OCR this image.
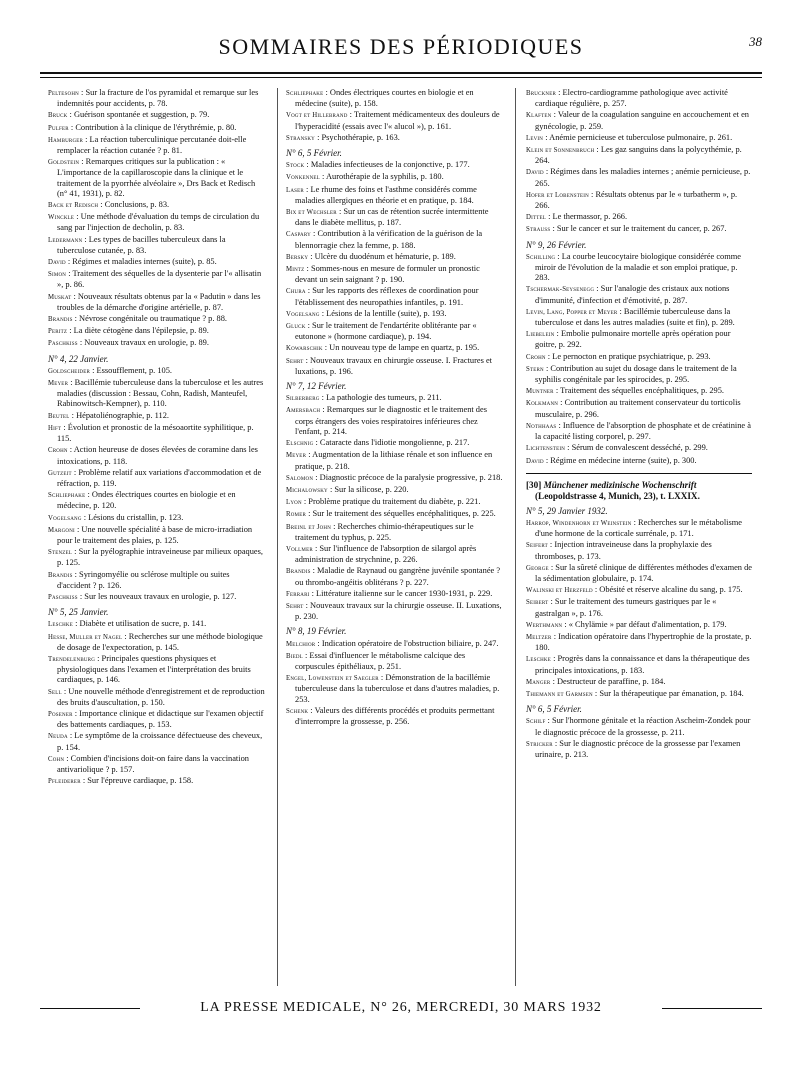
SOMMAIRES DES PÉRIODIQUES	38
Peltesohn : Sur la fracture de l'os pyramidal et remarque sur les indemnités pour accidents, p. 78.
Bruck : Guérison spontanée et suggestion, p. 79.
Pulfer : Contribution à la clinique de l'érythrémie, p. 80.
Hamburger : La réaction tuberculinique percutanée doit-elle remplacer la réaction cutanée ? p. 81.
Goldstein : Remarques critiques sur la publication : « L'importance de la capillaroscopie dans la clinique et le traitement de la pyorrhée alvéolaire », Drs Back et Redisch (n° 41, 1931), p. 82.
Back et Redisch : Conclusions, p. 83.
Winckle : Une méthode d'évaluation du temps de circulation du sang par l'injection de decholin, p. 83.
Ledermann : Les types de bacilles tuberculeux dans la tuberculose cutanée, p. 83.
David : Régimes et maladies internes (suite), p. 85.
Simon : Traitement des séquelles de la dysenterie par l'« allisatin », p. 86.
Muskat : Nouveaux résultats obtenus par la « Padutin » dans les troubles de la démarche d'origine artérielle, p. 87.
Brandis : Névrose congénitale ou traumatique ? p. 88.
Peritz : La diète cétogène dans l'épilepsie, p. 89.
Paschkiss : Nouveaux travaux en urologie, p. 89.
N° 4, 22 Janvier.
Goldscheider : Essoufflement, p. 105.
Meyer : Bacillémie tuberculeuse dans la tuberculose et les autres maladies (discussion : Bessau, Cohn, Radish, Manteufel, Rabinowitsch-Kempner), p. 110.
Beutel : Hépatoliénographie, p. 112.
Hift : Évolution et pronostic de la mésoaortite syphilitique, p. 115.
Crohn : Action heureuse de doses élevées de coramine dans les intoxications, p. 118.
Gutzeit : Problème relatif aux variations d'accommodation et de réfraction, p. 119.
Schliephake : Ondes électriques courtes en biologie et en médecine, p. 120.
Vogelsang : Lésions du cristallin, p. 123.
Margoni : Une nouvelle spécialité à base de micro-irradiation pour le traitement des plaies, p. 125.
Stenzel : Sur la pyélographie intraveineuse par milieux opaques, p. 125.
Brandis : Syringomyélie ou sclérose multiple ou suites d'accident ? p. 126.
Paschkiss : Sur les nouveaux travaux en urologie, p. 127.
N° 5, 25 Janvier.
Leschke : Diabète et utilisation de sucre, p. 141.
Hesse, Muller et Nagel : Recherches sur une méthode biologique de dosage de l'expectoration, p. 145.
Trendelenburg : Principales questions physiques et physiologiques dans l'examen et l'interprétation des bruits cardiaques, p. 146.
Sell : Une nouvelle méthode d'enregistrement et de reproduction des bruits d'auscultation, p. 150.
Posener : Importance clinique et didactique sur l'examen objectif des battements cardiaques, p. 153.
Neuda : Le symptôme de la croissance défectueuse des cheveux, p. 154.
Cohn : Combien d'incisions doit-on faire dans la vaccination antivariolique ? p. 157.
Pfleiderer : Sur l'épreuve cardiaque, p. 158.
Schliephake : Ondes électriques courtes en biologie et en médecine (suite), p. 158.
Vogt et Hillebrand : Traitement médicamenteux des douleurs de l'hyperacidité (essais avec l'« alucol »), p. 161.
Stransky : Psychothérapie, p. 163.
N° 6, 5 Février.
Stock : Maladies infectieuses de la conjonctive, p. 177.
Vonkennel : Aurothérapie de la syphilis, p. 180.
Laser : Le rhume des foins et l'asthme considérés comme maladies allergiques en théorie et en pratique, p. 184.
Bix et Wechsler : Sur un cas de rétention sucrée intermittente dans le diabète mellitus, p. 187.
Caspary : Contribution à la vérification de la guérison de la blennorragie chez la femme, p. 188.
Bersky : Ulcère du duodénum et hématurie, p. 189.
Mintz : Sommes-nous en mesure de formuler un pronostic devant un sein saignant ? p. 190.
Chura : Sur les rapports des réflexes de coordination pour l'établissement des neuropathies infantiles, p. 191.
Vogelsang : Lésions de la lentille (suite), p. 193.
Gluck : Sur le traitement de l'endartérite oblitérante par « eutonone » (hormone cardiaque), p. 194.
Kowarschik : Un nouveau type de lampe en quartz, p. 195.
Sehrt : Nouveaux travaux en chirurgie osseuse. I. Fractures et luxations, p. 196.
N° 7, 12 Février.
Silberberg : La pathologie des tumeurs, p. 211.
Amersbach : Remarques sur le diagnostic et le traitement des corps étrangers des voies respiratoires inférieures chez l'enfant, p. 214.
Elschnig : Cataracte dans l'idiotie mongolienne, p. 217.
Meyer : Augmentation de la lithiase rénale et son influence en pratique, p. 218.
Salomon : Diagnostic précoce de la paralysie progressive, p. 218.
Michalowsky : Sur la silicose, p. 220.
Lyon : Problème pratique du traitement du diabète, p. 221.
Romer : Sur le traitement des séquelles encéphalitiques, p. 225.
Breinl et John : Recherches chimio-thérapeutiques sur le traitement du typhus, p. 225.
Vollmer : Sur l'influence de l'absorption de silargol après administration de strychnine, p. 226.
Brandis : Maladie de Raynaud ou gangrène juvénile spontanée ? ou thrombo-angéitis oblitérans ? p. 227.
Ferrari : Littérature italienne sur le cancer 1930-1931, p. 229.
Sehrt : Nouveaux travaux sur la chirurgie osseuse. II. Luxations, p. 230.
N° 8, 19 Février.
Melchior : Indication opératoire de l'obstruction biliaire, p. 247.
Biedl : Essai d'influencer le métabolisme calcique des corpuscules épithéliaux, p. 251.
Engel, Lowenstein et Saegler : Démonstration de la bacillémie tuberculeuse dans la tuberculose et dans d'autres maladies, p. 253.
Schenk : Valeurs des différents procédés et produits permettant d'interrompre la grossesse, p. 256.
Bruckner : Electro-cardiogramme pathologique avec activité cardiaque régulière, p. 257.
Klaften : Valeur de la coagulation sanguine en accouchement et en gynécologie, p. 259.
Levin : Anémie pernicieuse et tuberculose pulmonaire, p. 261.
Klein et Sonnenbruch : Les gaz sanguins dans la polycythémie, p. 264.
David : Régimes dans les maladies internes ; anémie pernicieuse, p. 265.
Hofer et Lobenstein : Résultats obtenus par le « turbatherm », p. 266.
Dittel : Le thermassor, p. 266.
Strauss : Sur le cancer et sur le traitement du cancer, p. 267.
N° 9, 26 Février.
Schilling : La courbe leucocytaire biologique considérée comme miroir de l'évolution de la maladie et son emploi pratique, p. 283.
Tschermak-Seysenegg : Sur l'analogie des cristaux aux notions d'immunité, d'infection et d'émotivité, p. 287.
Levin, Lang, Popper et Meyer : Bacillémie tuberculeuse dans la tuberculose et dans les autres maladies (suite et fin), p. 289.
Liebelein : Embolie pulmonaire mortelle après opération pour goitre, p. 292.
Crohn : Le pernocton en pratique psychiatrique, p. 293.
Stern : Contribution au sujet du dosage dans le traitement de la syphilis congénitale par les spirocides, p. 295.
Muntner : Traitement des séquelles encéphalitiques, p. 295.
Kolkmann : Contribution au traitement conservateur du torticolis musculaire, p. 296.
Nothhaas : Influence de l'absorption de phosphate et de créatinine à la capacité listing corporel, p. 297.
Lichtenstein : Sérum de convalescent desséché, p. 299.
David : Régime en médecine interne (suite), p. 300.
[30] Münchener medizinische Wochenschrift (Leopoldstrasse 4, Munich, 23), t. LXXIX.
N° 5, 29 Janvier 1932.
Harrop, Windenhorn et Weinstein : Recherches sur le métabolisme d'une hormone de la corticale surrénale, p. 171.
Seifert : Injection intraveineuse dans la prophylaxie des thromboses, p. 173.
George : Sur la sûreté clinique de différentes méthodes d'examen de la sédimentation globulaire, p. 174.
Walinski et Herzfeld : Obésité et réserve alcaline du sang, p. 175.
Seibert : Sur le traitement des tumeurs gastriques par le « gastralgan », p. 176.
Werthmann : « Chylämie » par défaut d'alimentation, p. 179.
Meltzer : Indication opératoire dans l'hypertrophie de la prostate, p. 180.
Leschke : Progrès dans la connaissance et dans la thérapeutique des principales intoxications, p. 183.
Manger : Destructeur de paraffine, p. 184.
Thiemann et Garmsen : Sur la thérapeutique par émanation, p. 184.
N° 6, 5 Février.
Schilf : Sur l'hormone génitale et la réaction Ascheim-Zondek pour le diagnostic précoce de la grossesse, p. 211.
Stricker : Sur le diagnostic précoce de la grossesse par l'examen urinaire, p. 213.
LA PRESSE MEDICALE, N° 26, MERCREDI, 30 MARS 1932
